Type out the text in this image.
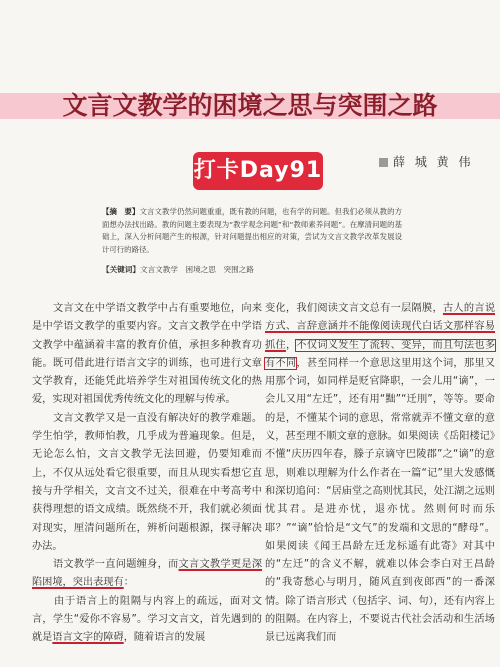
文言文教学的困境之思与突围之路
打卡Day91	薛 城 黄 伟
【摘　要】文言文教学仍然问题重重，既有教的问题，也有学的问题。但我们必须从教的方面想办法找出路。教的问题主要表现为“教学观念问题”和“教师素养问题”。在摩清问题的基础上，深入分析问题产生的根源，针对问题提出相应的对策，尝试为文言文教学改革发展设计可行的路径。
【关键词】文言文教学　困境之思　突围之路

　　文言文在中学语文教学中占有重要地位，向来是中学语文教学的重要内容。文言文教学在中学语文教学中蕴涵着丰富的教育价值，承担多种教育功能。既可借此进行语言文字的训练，也可进行文章文学教育，还能凭此培养学生对祖国传统文化的热爱，实现对祖国优秀传统文化的理解与传承。

　　文言文教学又是一直没有解决好的教学难题。学生怕学，教师怕教，几乎成为普遍现象。但是，无论怎么怕，文言文教学无法回避，仍要知难而上，不仅从远处看它很重要，而且从现实看想它直接与升学相关，文言文不过关，很难在中考高考中获得理想的语文成绩。既然绕不开，我们就必须面对现实，厘清问题所在，辨析问题根源，探寻解决办法。

　　语文教学一直问题缠身，而文言文教学更是深陷困境，突出表现有：

　　由于语言上的阻隔与内容上的疏远，面对文言，学生“爱你不容易”。学习文言文，首先遇到的就是语言文字的障碍，随着语言的发展

变化，我们阅读文言文总有一层隔膜，古人的言说方式、言辞意涵并不能像阅读现代白话文那样容易抓住，不仅词义发生了流转、变异，而且句法也多有不同，甚至同样一个意思这里用这个词，那里又用那个词，如同样是贬官降职，一会儿用“谪”，一会儿又用“左迁”，还有用“黜”“迁刖”，等等。要命的是，不懂某个词的意思，常常就弄不懂文章的意义，甚至理不顺文章的意脉。如果阅读《岳阳楼记》不懂“庆历四年春，滕子京谪守巴陵郡”之“谪”的意思，则难以理解为什么作者在一篇“记”里大发感慨和深切追问：“居庙堂之高则忧其民，处江湖之远则忧其君。是进亦忧，退亦忧。然则何时而乐耶？”“谪”恰恰是“文气”的发端和文思的“酵母”。如果阅读《闻王昌龄左迁龙标遥有此寄》对其中的“左迁”的含义不解，就难以体会李白对王昌龄的“我寄愁心与明月，随风直到夜郎西”的一番深情。除了语言形式（包括字、词、句），还有内容上的阻隔。在内容上，不要说古代社会活动和生活场景已远离我们而
